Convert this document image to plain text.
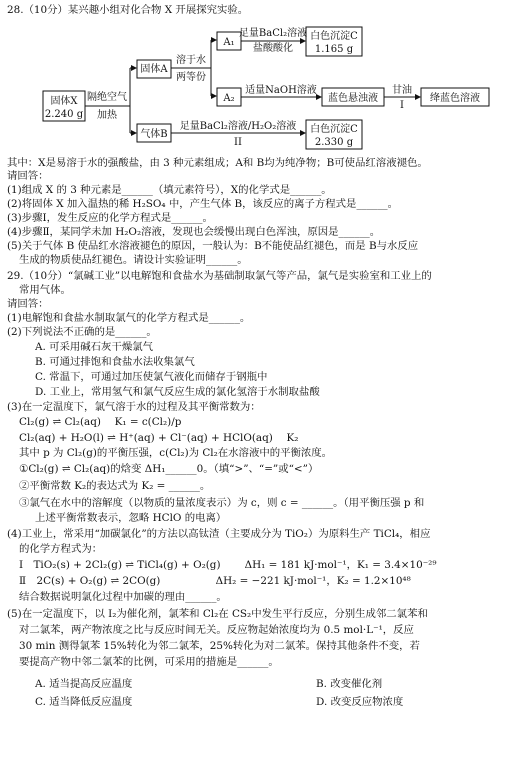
28.（10分）某兴趣小组对化合物 X 开展探究实验。
固体X
2.240 g
隔绝空气
加热
固体A
溶于水
两等份
A₁
足量BaCl₂溶液
盐酸酸化
白色沉淀C
1.165 g
A₂
适量NaOH溶液
蓝色悬浊液
甘油
I
绛蓝色溶液
气体B
足量BaCl₂溶液/H₂O₂溶液
II
白色沉淀C
2.330 g
其中：X是易溶于水的强酸盐，由 3 种元素组成；A和 B均为纯净物；B可使品红溶液褪色。
请回答：
(1)组成 X 的 3 种元素是______（填元素符号），X的化学式是______。
(2)将固体 X 加入温热的稀 H₂SO₄ 中，产生气体 B，该反应的离子方程式是______。
(3)步骤Ⅰ，发生反应的化学方程式是______。
(4)步骤Ⅱ，某同学未加 H₂O₂溶液，发现也会缓慢出现白色浑浊，原因是______。
(5)关于气体 B 使品红水溶液褪色的原因，一般认为：B不能使品红褪色，而是 B与水反应
生成的物质使品红褪色。请设计实验证明______。
29.（10分）“氯碱工业”以电解饱和食盐水为基础制取氯气等产品，氯气是实验室和工业上的
常用气体。
请回答：
(1)电解饱和食盐水制取氯气的化学方程式是______。
(2)下列说法不正确的是______。
A. 可采用碱石灰干燥氯气
B. 可通过排饱和食盐水法收集氯气
C. 常温下，可通过加压使氯气液化而储存于钢瓶中
D. 工业上，常用氢气和氯气反应生成的氯化氢溶于水制取盐酸
(3)在一定温度下，氯气溶于水的过程及其平衡常数为：
Cl₂(g) ⇌ Cl₂(aq)　 K₁ = c(Cl₂)/p
Cl₂(aq) + H₂O(l) ⇌ H⁺(aq) + Cl⁻(aq) + HClO(aq)　 K₂
其中 p 为 Cl₂(g)的平衡压强，c(Cl₂)为 Cl₂在水溶液中的平衡浓度。
①Cl₂(g) ⇌ Cl₂(aq)的焓变 ΔH₁______0。（填“>”、“=”或“<”）
②平衡常数 K₂的表达式为 K₂ = ______。
③氯气在水中的溶解度（以物质的量浓度表示）为 c，则 c = ______。（用平衡压强 p 和
上述平衡常数表示，忽略 HClO 的电离）
(4)工业上，常采用“加碳氯化”的方法以高钛渣（主要成分为 TiO₂）为原料生产 TiCl₄，相应
的化学方程式为：
Ⅰ　TiO₂(s) + 2Cl₂(g) ⇌ TiCl₄(g) + O₂(g)　　 ΔH₁ = 181 kJ·mol⁻¹，K₁ = 3.4×10⁻²⁹
Ⅱ　2C(s) + O₂(g) ⇌ 2CO(g)　　　　　 ΔH₂ = −221 kJ·mol⁻¹，K₂ = 1.2×10⁴⁸
结合数据说明氯化过程中加碳的理由______。
(5)在一定温度下，以 I₂为催化剂，氯苯和 Cl₂在 CS₂中发生平行反应，分别生成邻二氯苯和
对二氯苯，两产物浓度之比与反应时间无关。反应物起始浓度均为 0.5 mol·L⁻¹，反应
30 min 测得氯苯 15%转化为邻二氯苯，25%转化为对二氯苯。保持其他条件不变，若
要提高产物中邻二氯苯的比例，可采用的措施是______。
A. 适当提高反应温度	B. 改变催化剂
C. 适当降低反应温度	D. 改变反应物浓度
